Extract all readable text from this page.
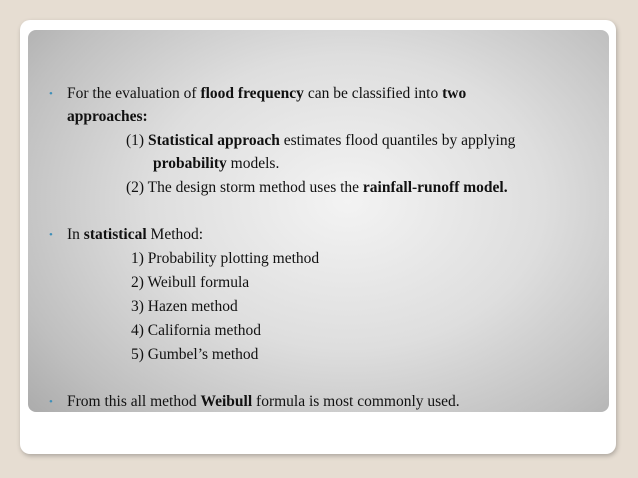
• For the evaluation of flood frequency can be classified into two
approaches:
(1) Statistical approach estimates flood quantiles by applying
probability models.
(2) The design storm method uses the rainfall-runoff model.
• In statistical Method:
1) Probability plotting method
2) Weibull formula
3) Hazen method
4) California method
5) Gumbel’s method
• From this all method Weibull formula is most commonly used.
